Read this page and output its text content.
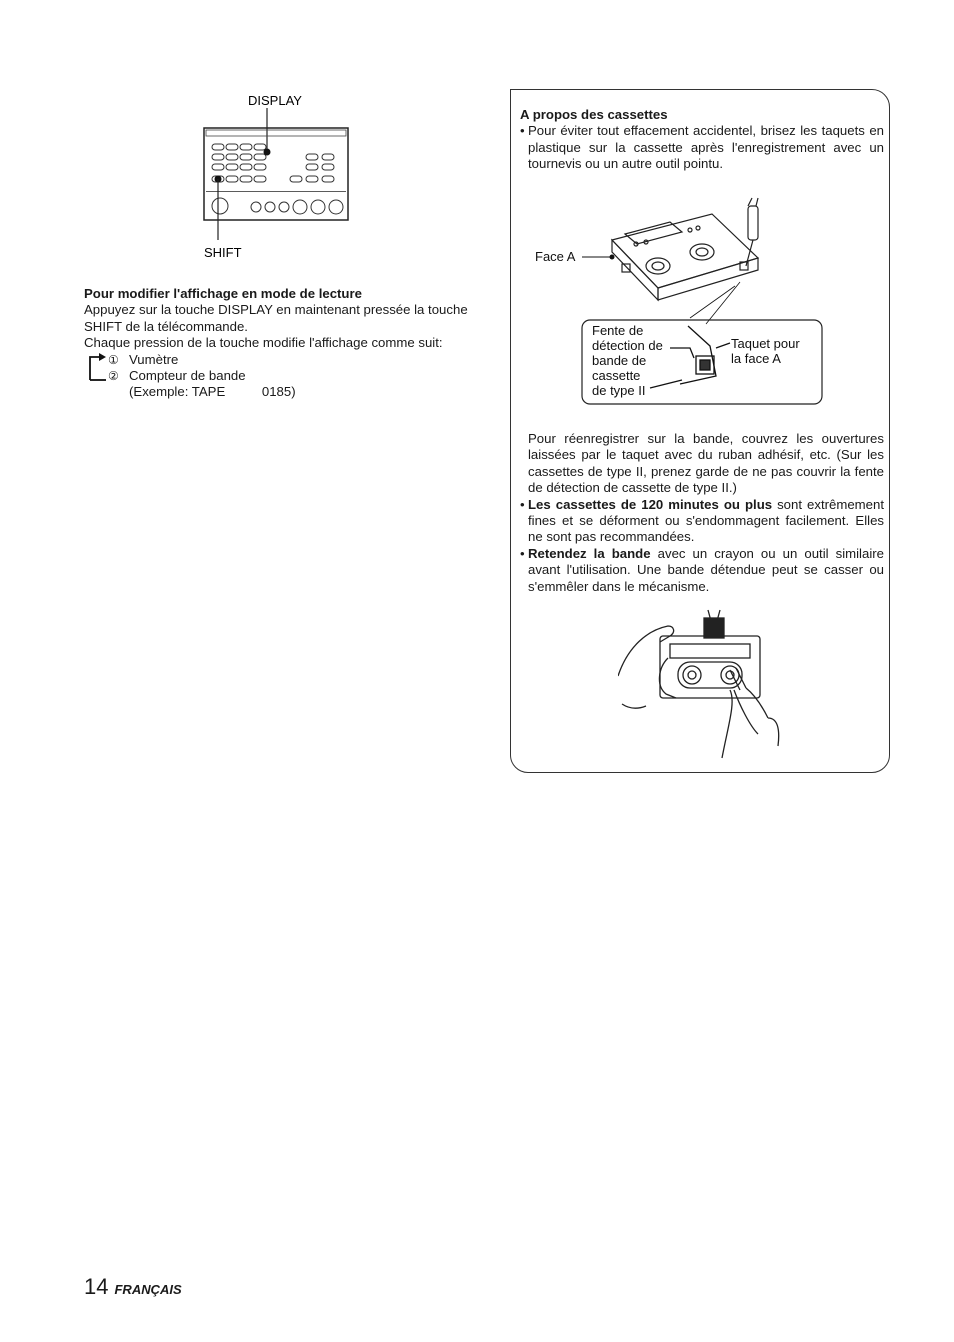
DISPLAY
SHIFT

Pour modifier l'affichage en mode de lecture

Appuyez sur la touche DISPLAY en maintenant pressée la touche SHIFT de la télécommande.

Chaque pression de la touche modifie l'affichage comme suit:

① Vumètre
② Compteur de bande

(Exemple: TAPE          0185)

A propos des cassettes

• Pour éviter tout effacement accidentel, brisez les taquets en plastique sur la cassette après l'enregistrement avec un tournevis ou un autre outil pointu.

Face A
Fente de
détection de
bande de
cassette
de type II
Taquet pour
la face A

Pour réenregistrer sur la bande, couvrez les ouvertures laissées par le taquet avec du ruban adhésif, etc. (Sur les cassettes de type II, prenez garde de ne pas couvrir la fente de détection de cassette de type II.)

• Les cassettes de 120 minutes ou plus sont extrêmement fines et se déforment ou s'endommagent facilement. Elles ne sont pas recommandées.

• Retendez la bande avec un crayon ou un outil similaire avant l'utilisation. Une bande détendue peut se casser ou s'emmêler dans le mécanisme.

14 FRANÇAIS
